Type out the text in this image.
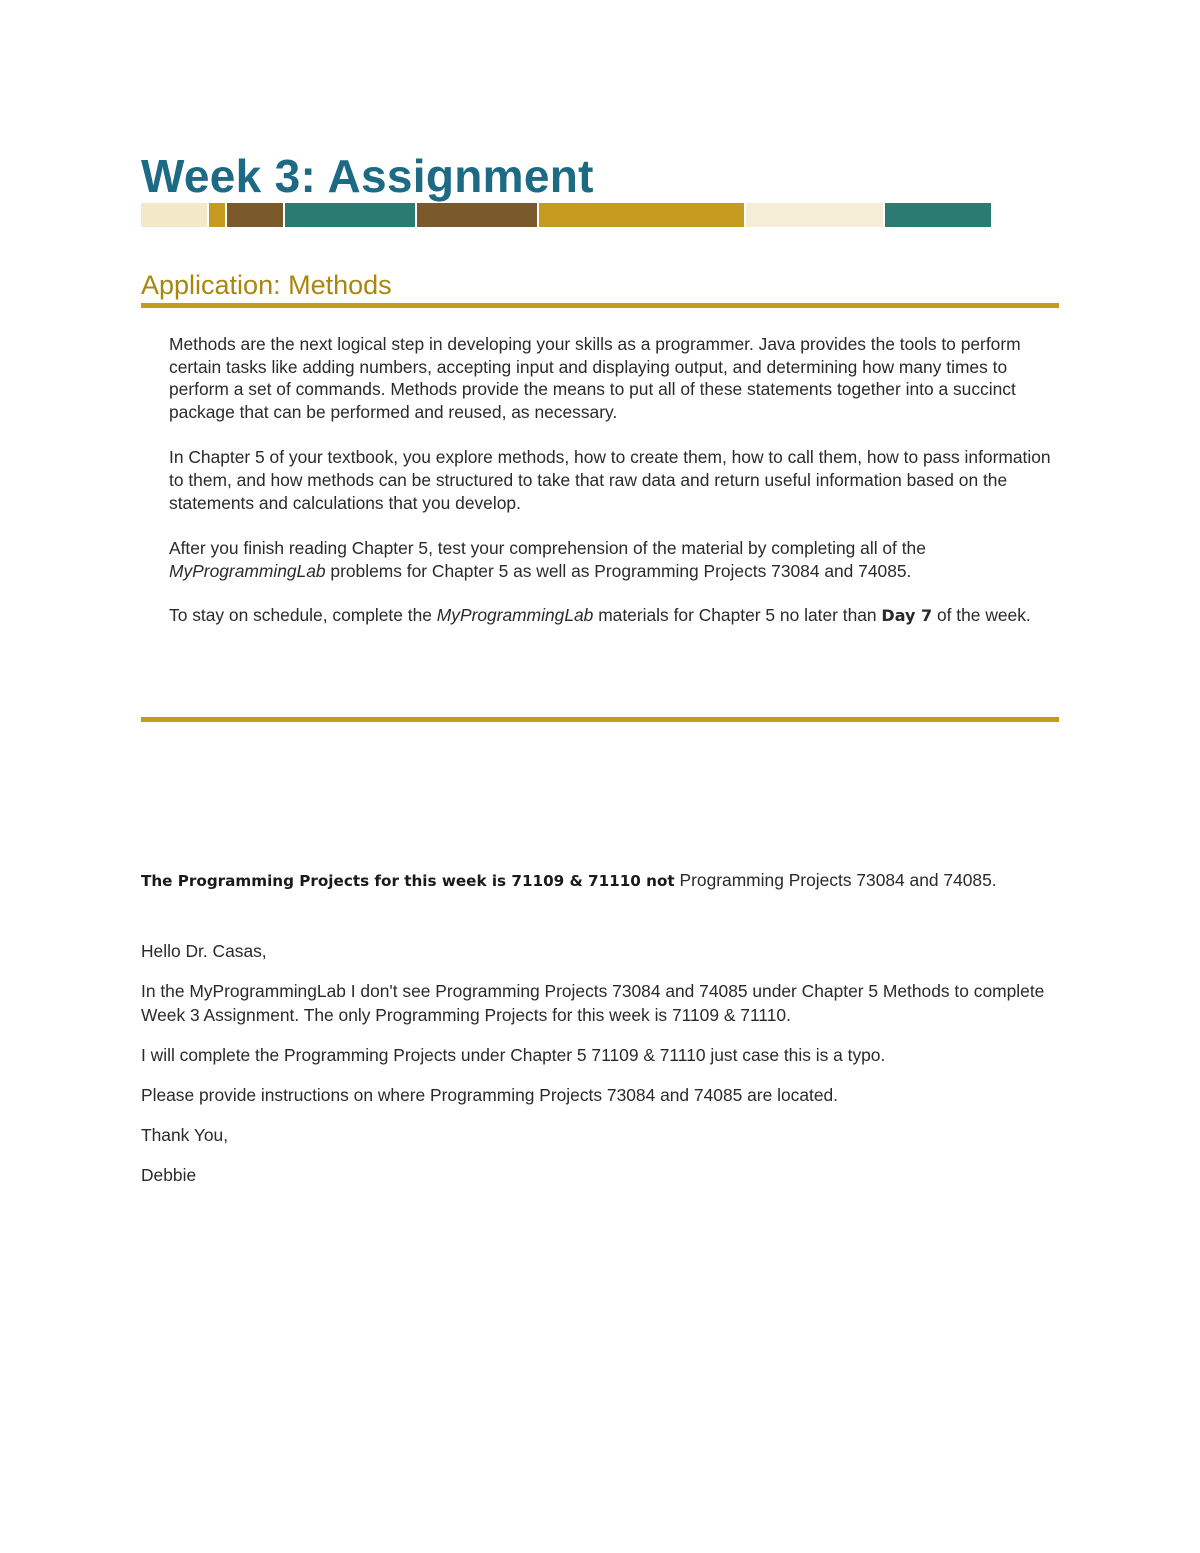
Week 3: Assignment
Application: Methods

Methods are the next logical step in developing your skills as a programmer. Java provides the tools to perform certain tasks like adding numbers, accepting input and displaying output, and determining how many times to perform a set of commands. Methods provide the means to put all of these statements together into a succinct package that can be performed and reused, as necessary.

In Chapter 5 of your textbook, you explore methods, how to create them, how to call them, how to pass information to them, and how methods can be structured to take that raw data and return useful information based on the statements and calculations that you develop.

After you finish reading Chapter 5, test your comprehension of the material by completing all of the MyProgrammingLab problems for Chapter 5 as well as Programming Projects 73084 and 74085.

To stay on schedule, complete the MyProgrammingLab materials for Chapter 5 no later than Day 7 of the week.

The Programming Projects for this week is 71109 & 71110 not Programming Projects 73084 and 74085.

Hello Dr. Casas,

In the MyProgrammingLab I don't see Programming Projects 73084 and 74085 under Chapter 5 Methods to complete Week 3 Assignment. The only Programming Projects for this week is 71109 & 71110.

I will complete the Programming Projects under Chapter 5 71109 & 71110 just case this is a typo.

Please provide instructions on where Programming Projects 73084 and 74085 are located.

Thank You,

Debbie
